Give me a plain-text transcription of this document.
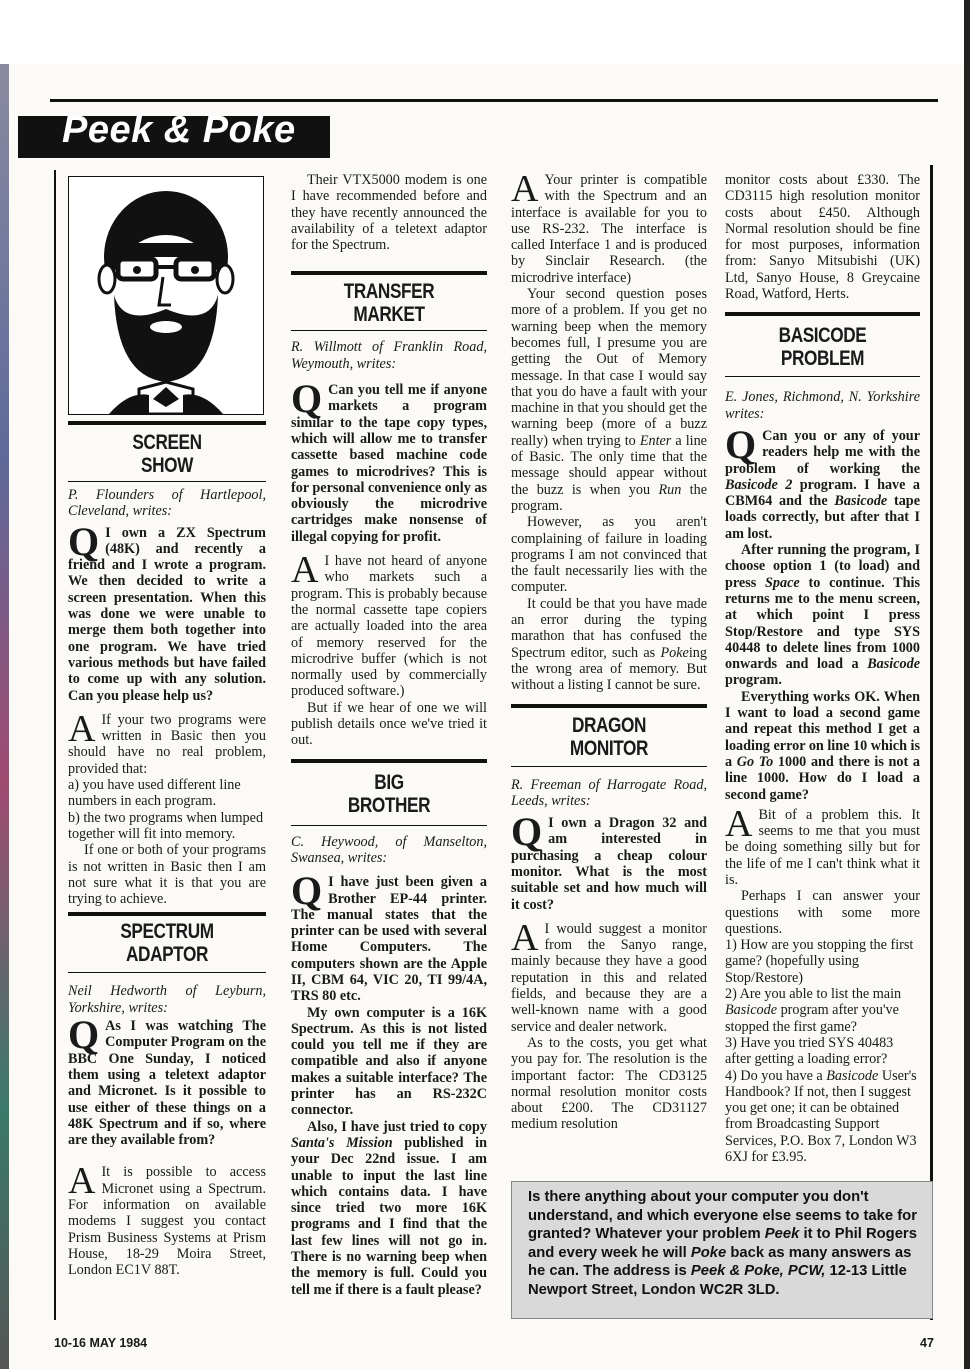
Peek & Poke

SCREEN
SHOW

P. Flounders of Hartlepool, Cleveland, writes:

Q I own a ZX Spectrum (48K) and recently a friend and I wrote a program. We then decided to write a screen presentation. When this was done we were unable to merge them both together into one program. We have tried various methods but have failed to come up with any solution. Can you please help us?

A If your two programs were written in Basic then you should have no real problem, provided that:

a) you have used different line numbers in each program.

b) the two programs when lumped together will fit into memory.

If one or both of your programs is not written in Basic then I am not sure what it is that you are trying to achieve.

SPECTRUM
ADAPTOR

Neil Hedworth of Leyburn, Yorkshire, writes:

Q As I was watching The Computer Program on the BBC One Sunday, I noticed them using a teletext adaptor and Micronet. Is it possible to use either of these things on a 48K Spectrum and if so, where are they available from?

A It is possible to access Micronet using a Spectrum. For information on available modems I suggest you contact Prism Business Systems at Prism House, 18-29 Moira Street, London EC1V 88T.

Their VTX5000 modem is one I have recommended before and they have recently announced the availability of a teletext adaptor for the Spectrum.

TRANSFER
MARKET

R. Willmott of Franklin Road, Weymouth, writes:

Q Can you tell me if anyone markets a program similar to the tape copy types, which will allow me to transfer cassette based machine code games to microdrives? This is for personal convenience only as obviously the microdrive cartridges make nonsense of illegal copying for profit.

A I have not heard of anyone who markets such a program. This is probably because the normal cassette tape copiers are actually loaded into the area of memory reserved for the microdrive buffer (which is not normally used by commercially produced software.)

But if we hear of one we will publish details once we've tried it out.

BIG
BROTHER

C. Heywood, of Manselton, Swansea, writes:

Q I have just been given a Brother EP-44 printer. The manual states that the printer can be used with several Home Computers. The computers shown are the Apple II, CBM 64, VIC 20, TI 99/4A, TRS 80 etc.

My own computer is a 16K Spectrum. As this is not listed could you tell me if they are compatible and also if anyone makes a suitable interface? The printer has an RS-232C connector.

Also, I have just tried to copy Santa's Mission published in your Dec 22nd issue. I am unable to input the last line which contains data. I have since tried two more 16K programs and I find that the last few lines will not go in. There is no warning beep when the memory is full. Could you tell me if there is a fault please?

A Your printer is compatible with the Spectrum and an interface is available for you to use RS-232. The interface is called Interface 1 and is produced by Sinclair Research. (the microdrive interface)

Your second question poses more of a problem. If you get no warning beep when the memory becomes full, I presume you are getting the Out of Memory message. In that case I would say that you do have a fault with your machine in that you should get the warning beep (more of a buzz really) when trying to Enter a line of Basic. The only time that the message should appear without the buzz is when you Run the program.

However, as you aren't complaining of failure in loading programs I am not convinced that the fault necessarily lies with the computer.

It could be that you have made an error during the typing marathon that has confused the Spectrum editor, such as Pokeing the wrong area of memory. But without a listing I cannot be sure.

DRAGON
MONITOR

R. Freeman of Harrogate Road, Leeds, writes:

Q I own a Dragon 32 and am interested in purchasing a cheap colour monitor. What is the most suitable set and how much will it cost?

A I would suggest a monitor from the Sanyo range, mainly because they have a good reputation in this and related fields, and because they are a well-known name with a good service and dealer network.

As to the costs, you get what you pay for. The resolution is the important factor: The CD3125 normal resolution monitor costs about £200. The CD31127 medium resolution

monitor costs about £330. The CD3115 high resolution monitor costs about £450. Although Normal resolution should be fine for most purposes, information from: Sanyo Mitsubishi (UK) Ltd, Sanyo House, 8 Greycaine Road, Watford, Herts.

BASICODE
PROBLEM

E. Jones, Richmond, N. Yorkshire writes:

Q Can you or any of your readers help me with the problem of working the Basicode 2 program. I have a CBM64 and the Basicode tape loads correctly, but after that I am lost.

After running the program, I choose option 1 (to load) and press Space to continue. This returns me to the menu screen, at which point I press Stop/Restore and type SYS 40448 to delete lines from 1000 onwards and load a Basicode program.

Everything works OK. When I want to load a second game and repeat this method I get a loading error on line 10 which is a Go To 1000 and there is not a line 1000. How do I load a second game?

A Bit of a problem this. It seems to me that you must be doing something silly but for the life of me I can't think what it is.

Perhaps I can answer your questions with some more questions.

1) How are you stopping the first game? (hopefully using Stop/Restore)

2) Are you able to list the main Basicode program after you've stopped the first game?

3) Have you tried SYS 40483 after getting a loading error?

4) Do you have a Basicode User's Handbook? If not, then I suggest you get one; it can be obtained from Broadcasting Support Services, P.O. Box 7, London W3 6XJ for £3.95.

Is there anything about your computer you don't understand, and which everyone else seems to take for granted? Whatever your problem Peek it to Phil Rogers and every week he will Poke back as many answers as he can. The address is Peek & Poke, PCW, 12-13 Little Newport Street, London WC2R 3LD.

10-16 MAY 1984	47
